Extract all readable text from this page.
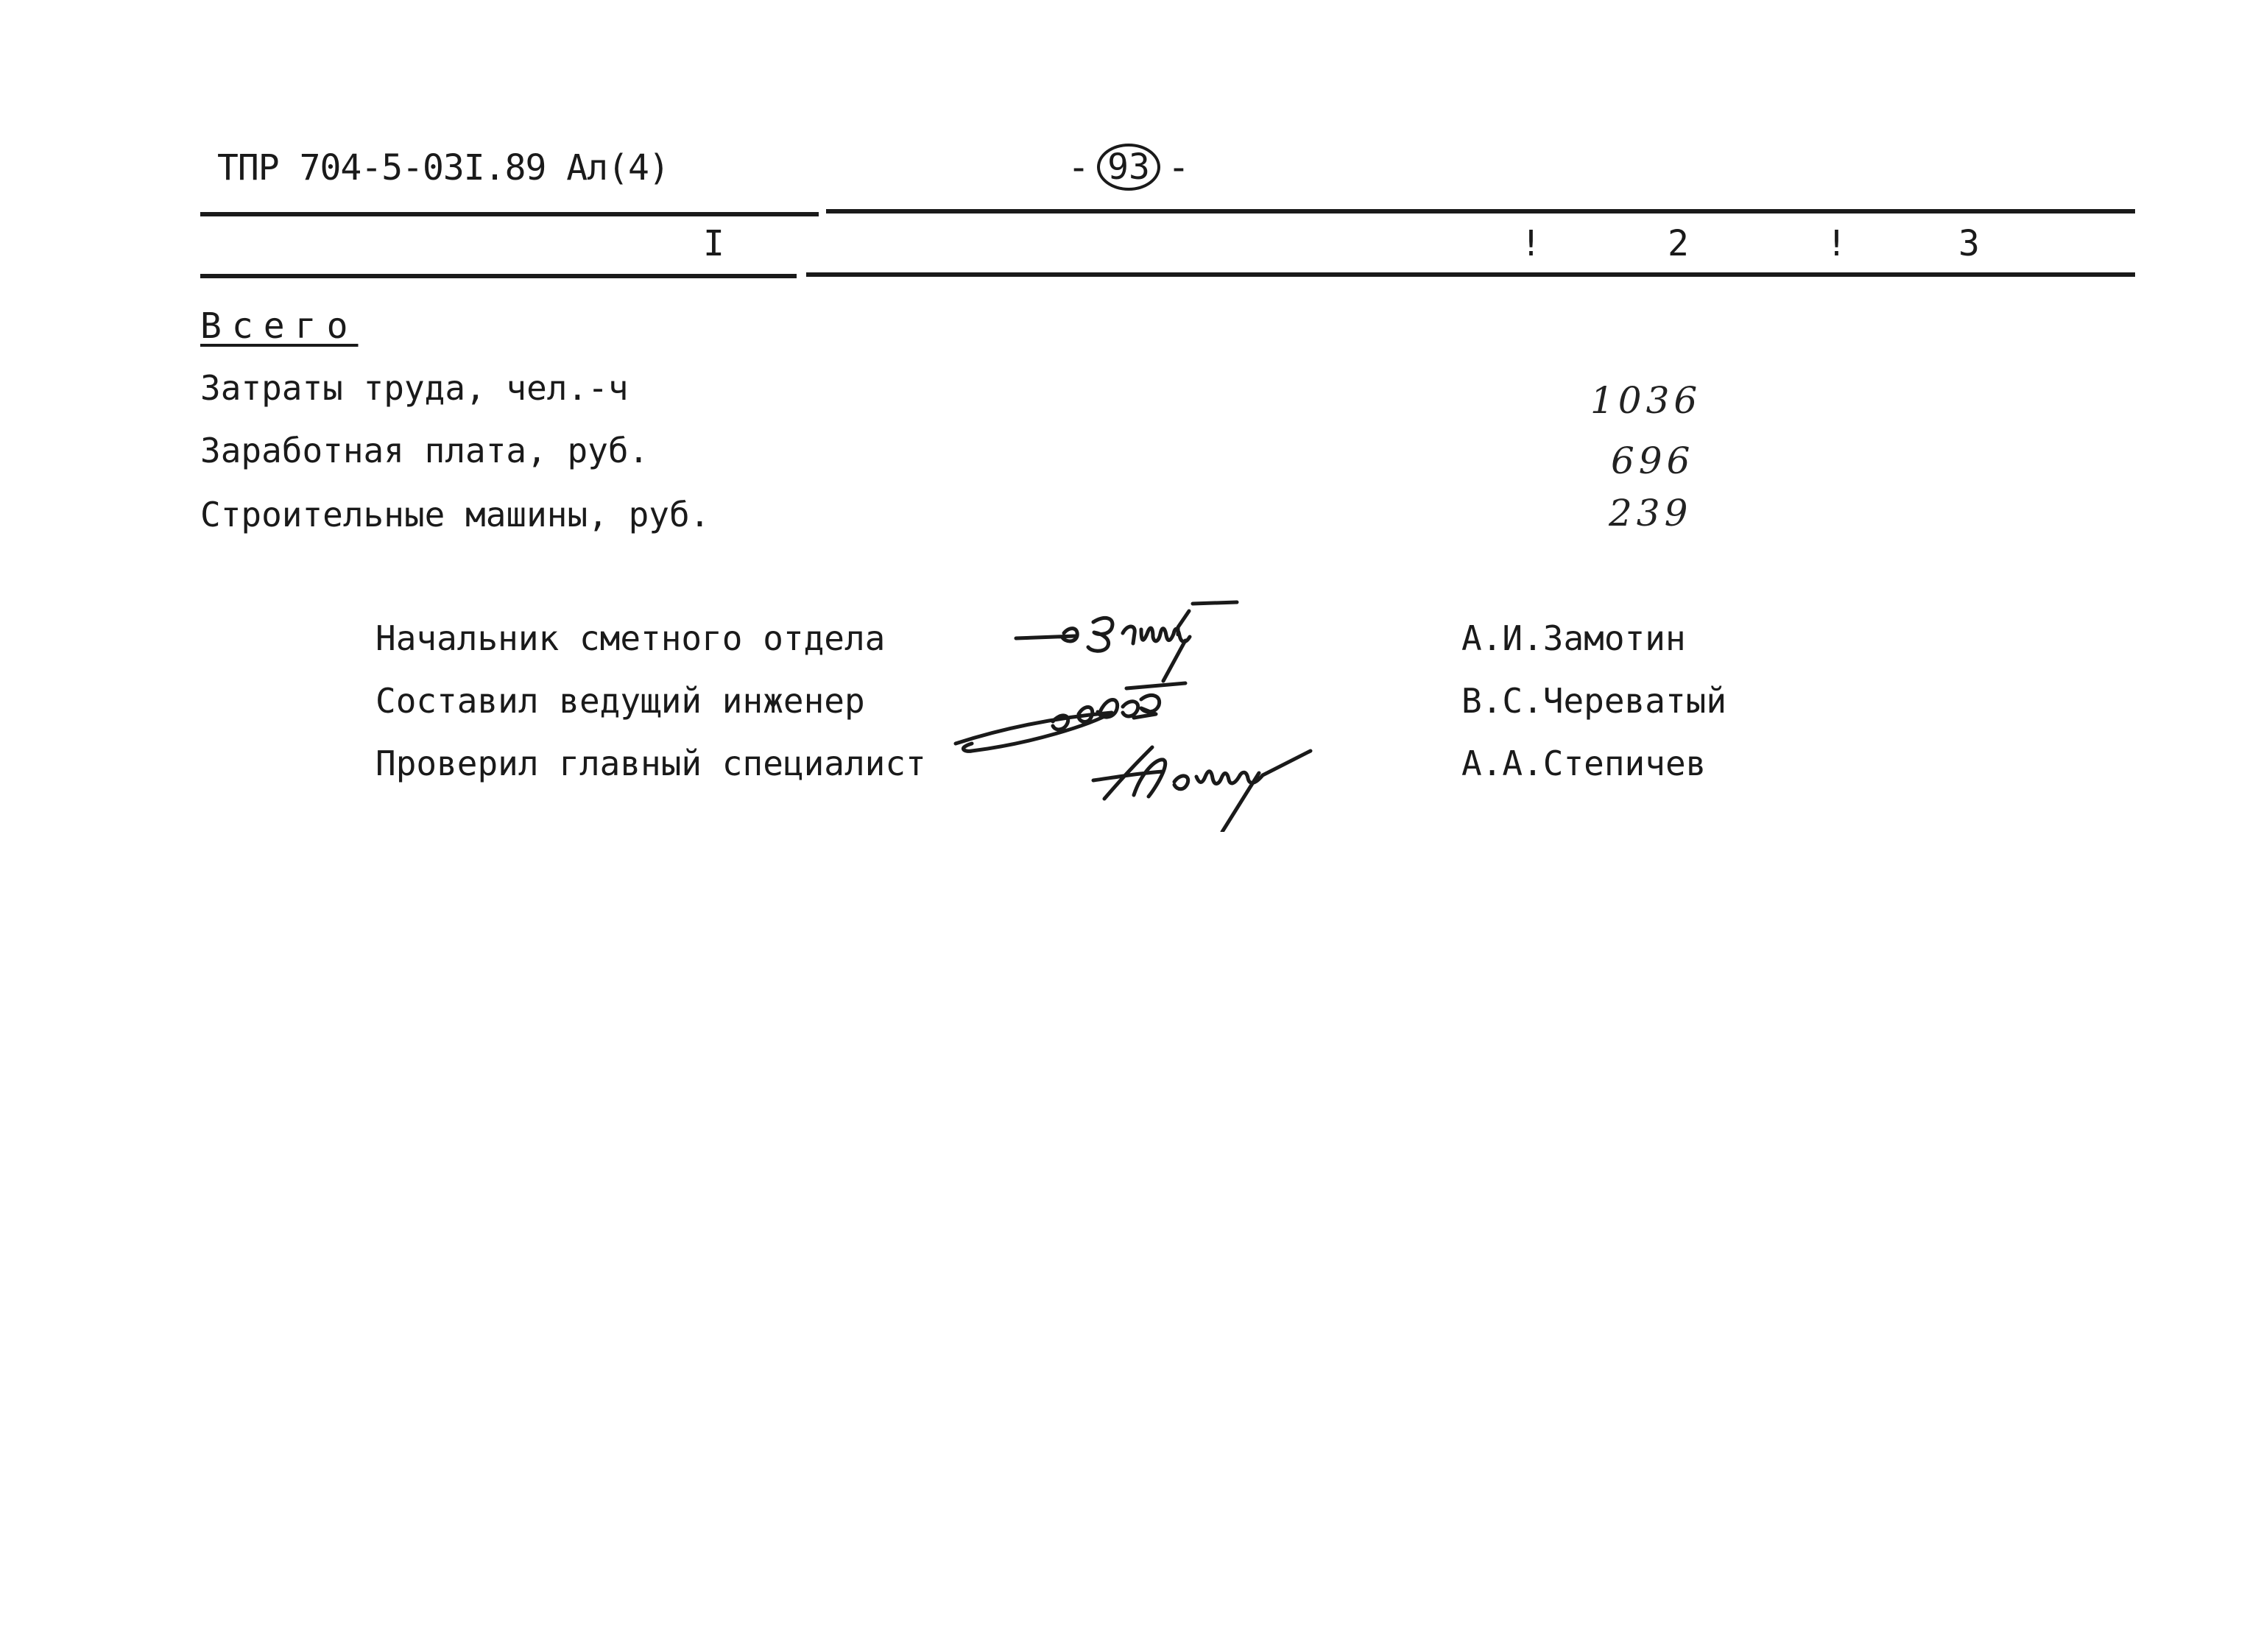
ТПР 704-5-03I.89 Ал(4)	- 93 -
I	!	2	!	3
Всего
Затраты труда, чел.-ч	1036
Заработная плата, руб.	696
Строительные машины, руб.	239
Начальник сметного отдела	А.И.Замотин
Составил ведущий инженер	В.С.Череватый
Проверил главный специалист	А.А.Степичев
